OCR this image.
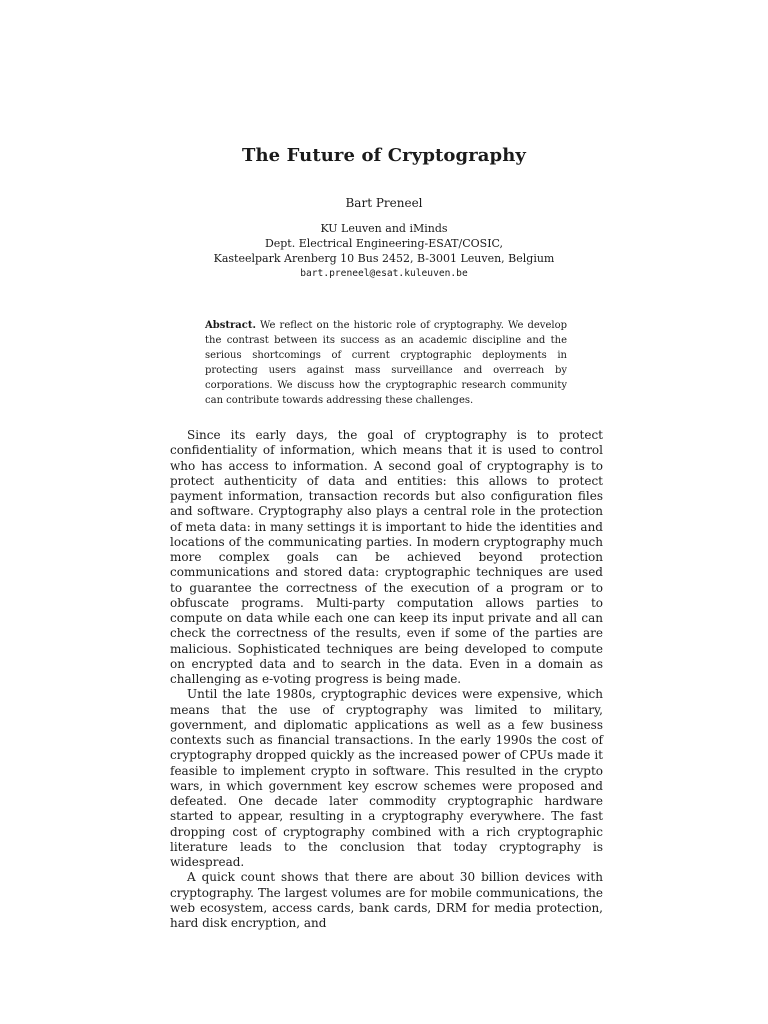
The Future of Cryptography
Bart Preneel
KU Leuven and iMinds
Dept. Electrical Engineering-ESAT/COSIC,
Kasteelpark Arenberg 10 Bus 2452, B-3001 Leuven, Belgium
bart.preneel@esat.kuleuven.be
Abstract. We reflect on the historic role of cryptography. We develop the contrast between its success as an academic discipline and the serious shortcomings of current cryptographic deployments in protecting users against mass surveillance and overreach by corporations. We discuss how the cryptographic research community can contribute towards addressing these challenges.

Since its early days, the goal of cryptography is to protect confidentiality of information, which means that it is used to control who has access to information. A second goal of cryptography is to protect authenticity of data and entities: this allows to protect payment information, transaction records but also configuration files and software. Cryptography also plays a central role in the protection of meta data: in many settings it is important to hide the identities and locations of the communicating parties. In modern cryptography much more complex goals can be achieved beyond protection communications and stored data: cryptographic techniques are used to guarantee the correctness of the execution of a program or to obfuscate programs. Multi-party computation allows parties to compute on data while each one can keep its input private and all can check the correctness of the results, even if some of the parties are malicious. Sophisticated techniques are being developed to compute on encrypted data and to search in the data. Even in a domain as challenging as e-voting progress is being made.

Until the late 1980s, cryptographic devices were expensive, which means that the use of cryptography was limited to military, government, and diplomatic applications as well as a few business contexts such as financial transactions. In the early 1990s the cost of cryptography dropped quickly as the increased power of CPUs made it feasible to implement crypto in software. This resulted in the crypto wars, in which government key escrow schemes were proposed and defeated. One decade later commodity cryptographic hardware started to appear, resulting in a cryptography everywhere. The fast dropping cost of cryptography combined with a rich cryptographic literature leads to the conclusion that today cryptography is widespread.

A quick count shows that there are about 30 billion devices with cryptography. The largest volumes are for mobile communications, the web ecosystem, access cards, bank cards, DRM for media protection, hard disk encryption, and
